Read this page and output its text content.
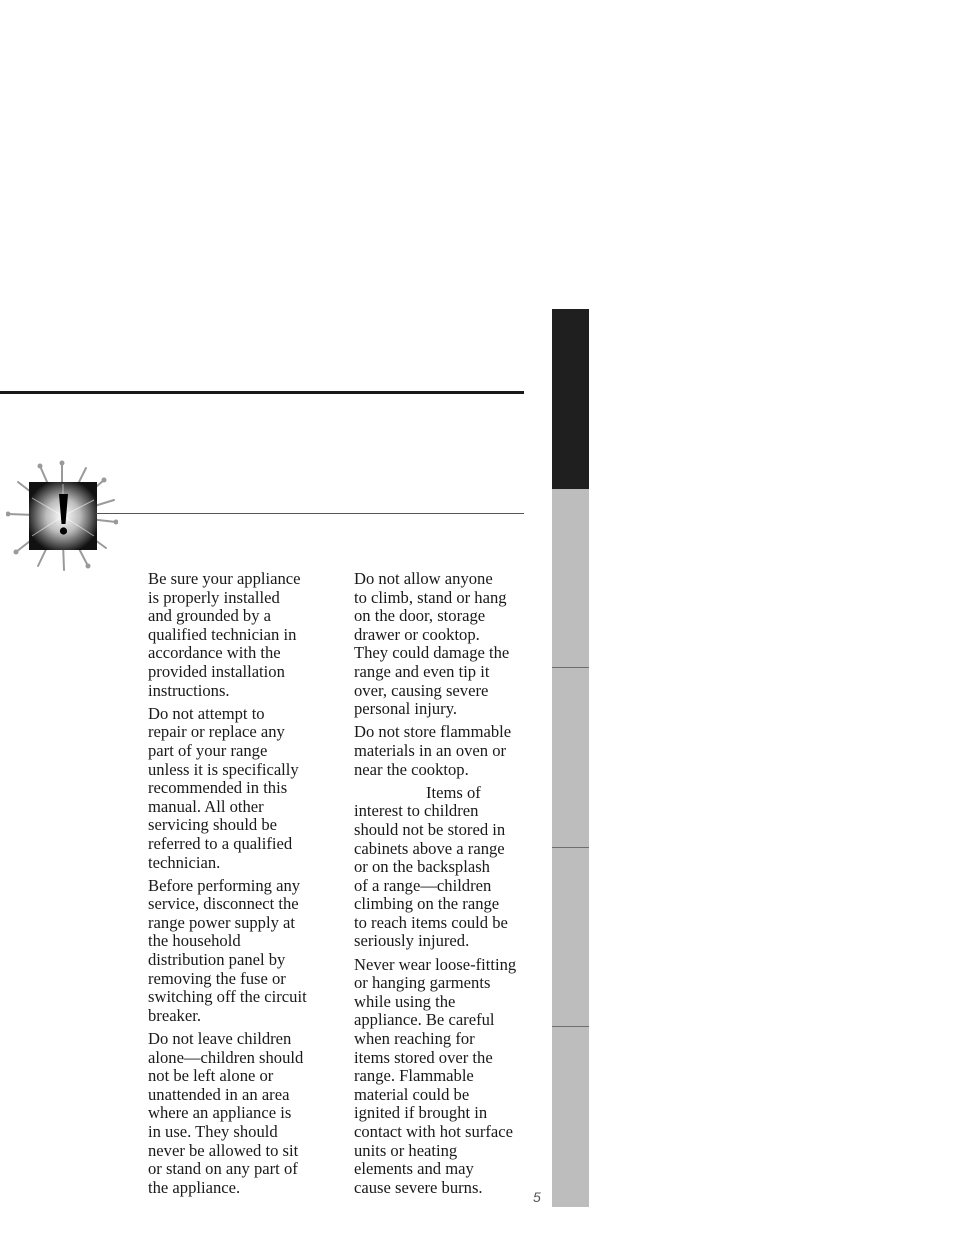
Be sure your appliance
is properly installed
and grounded by a
qualified technician in
accordance with the
provided installation
instructions.

Do not attempt to
repair or replace any
part of your range
unless it is specifically
recommended in this
manual. All other
servicing should be
referred to a qualified
technician.

Before performing any
service, disconnect the
range power supply at
the household
distribution panel by
removing the fuse or
switching off the circuit
breaker.

Do not leave children
alone—children should
not be left alone or
unattended in an area
where an appliance is
in use. They should
never be allowed to sit
or stand on any part of
the appliance.

Do not allow anyone
to climb, stand or hang
on the door, storage
drawer or cooktop.
They could damage the
range and even tip it
over, causing severe
personal injury.

Do not store flammable
materials in an oven or
near the cooktop.

Items of
interest to children
should not be stored in
cabinets above a range
or on the backsplash
of a range—children
climbing on the range
to reach items could be
seriously injured.

Never wear loose-fitting
or hanging garments
while using the
appliance. Be careful
when reaching for
items stored over the
range. Flammable
material could be
ignited if brought in
contact with hot surface
units or heating
elements and may
cause severe burns.

5
